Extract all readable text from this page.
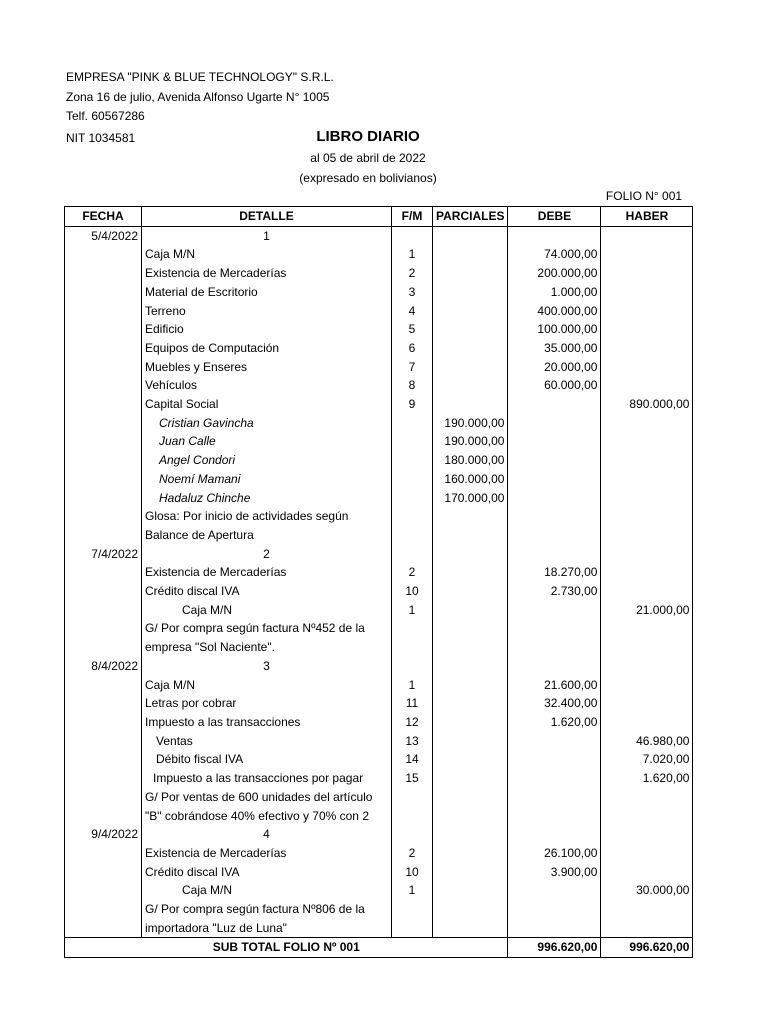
EMPRESA "PINK & BLUE TECHNOLOGY" S.R.L.
Zona 16 de julio, Avenida Alfonso Ugarte N° 1005
Telf. 60567286
NIT 1034581	LIBRO DIARIO
al 05 de abril de 2022
(expresado en bolivianos)
FOLIO N° 001
FECHA	DETALLE	F/M	PARCIALES	DEBE	HABER
5/4/2022	1				
	Caja M/N	1		74.000,00	
	Existencia de Mercaderías	2		200.000,00	
	Material de Escritorio	3		1.000,00	
	Terreno	4		400.000,00	
	Edificio	5		100.000,00	
	Equipos de Computación	6		35.000,00	
	Muebles y Enseres	7		20.000,00	
	Vehículos	8		60.000,00	
	Capital Social	9			890.000,00
	Cristian Gavincha		190.000,00		
	Juan Calle		190.000,00		
	Angel Condori		180.000,00		
	Noemí Mamani		160.000,00		
	Hadaluz Chinche		170.000,00		
	Glosa: Por inicio de actividades según				
	Balance de Apertura				
7/4/2022	2				
	Existencia de Mercaderías	2		18.270,00	
	Crédito discal IVA	10		2.730,00	
	Caja M/N	1			21.000,00
	G/ Por compra según factura Nº452 de la				
	empresa "Sol Naciente".				
8/4/2022	3				
	Caja M/N	1		21.600,00	
	Letras por cobrar	11		32.400,00	
	Impuesto a las transacciones	12		1.620,00	
	Ventas	13			46.980,00
	Débito fiscal IVA	14			7.020,00
	Impuesto a las transacciones por pagar	15			1.620,00
	G/ Por ventas de 600 unidades del artículo				
	"B" cobrándose 40% efectivo y 70% con 2				
9/4/2022	4				
	Existencia de Mercaderías	2		26.100,00	
	Crédito discal IVA	10		3.900,00	
	Caja M/N	1			30.000,00
	G/ Por compra según factura Nº806 de la				
	importadora "Luz de Luna"				
SUB TOTAL FOLIO Nº 001				996.620,00	996.620,00
